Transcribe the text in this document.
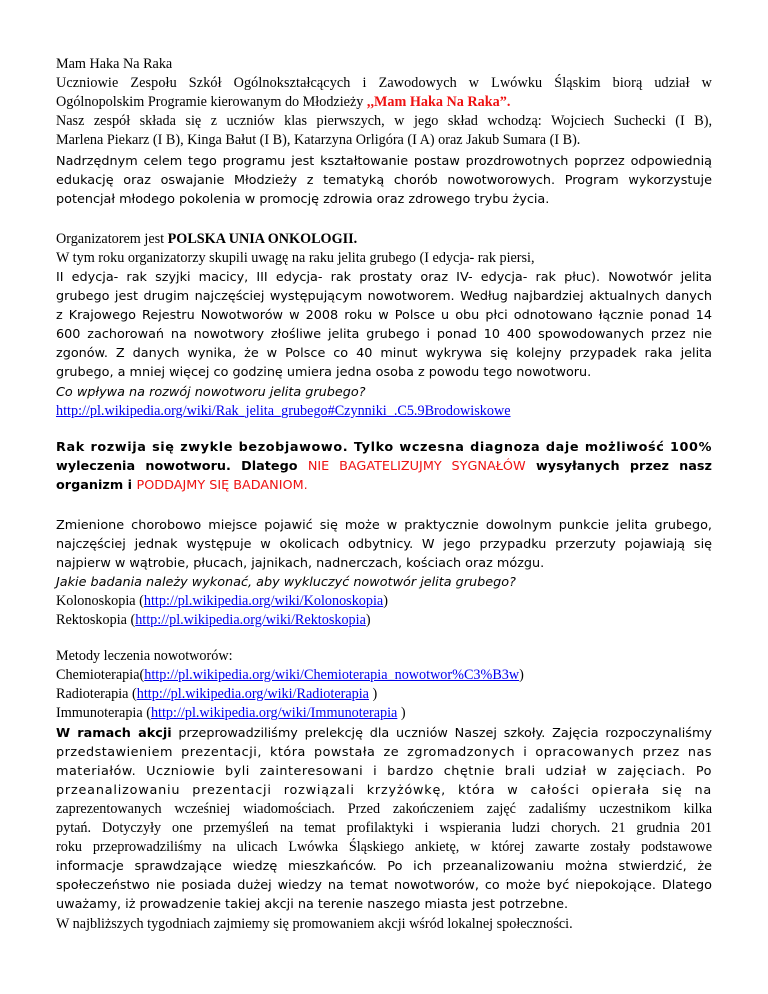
Mam Haka Na Raka
Uczniowie Zespołu Szkół Ogólnokształcących i Zawodowych w Lwówku Śląskim biorą udział w
Ogólnopolskim Programie kierowanym do Młodzieży ,,Mam Haka Na Raka”.
Nasz zespół składa się z uczniów klas pierwszych, w jego skład wchodzą: Wojciech Suchecki (I B),
Marlena Piekarz (I B), Kinga Bałut (I B), Katarzyna Orligóra (I A) oraz Jakub Sumara (I B).
Nadrzędnym celem tego programu jest kształtowanie postaw prozdrowotnych poprzez odpowiednią
edukację oraz oswajanie Młodzieży z tematyką chorób nowotworowych. Program wykorzystuje
potencjał młodego pokolenia w promocję zdrowia oraz zdrowego trybu życia.
Organizatorem jest POLSKA UNIA ONKOLOGII.
W tym roku organizatorzy skupili uwagę na raku jelita grubego (I edycja- rak piersi,
II edycja- rak szyjki macicy, III edycja- rak prostaty oraz IV- edycja- rak płuc). Nowotwór jelita
grubego jest drugim najczęściej występującym nowotworem. Według najbardziej aktualnych danych
z Krajowego Rejestru Nowotworów w 2008 roku w Polsce u obu płci odnotowano łącznie ponad 14
600 zachorowań na nowotwory złośliwe jelita grubego i ponad 10 400 spowodowanych przez nie
zgonów. Z danych wynika, że w Polsce co 40 minut wykrywa się kolejny przypadek raka jelita
grubego, a mniej więcej co godzinę umiera jedna osoba z powodu tego nowotworu.
Co wpływa na rozwój nowotworu jelita grubego?
http://pl.wikipedia.org/wiki/Rak_jelita_grubego#Czynniki_.C5.9Brodowiskowe
Rak rozwija się zwykle bezobjawowo. Tylko wczesna diagnoza daje możliwość 100%
wyleczenia nowotworu. Dlatego NIE BAGATELIZUJMY SYGNAŁÓW wysyłanych przez nasz
organizm i PODDAJMY SIĘ BADANIOM.
Zmienione chorobowo miejsce pojawić się może w praktycznie dowolnym punkcie jelita grubego,
najczęściej jednak występuje w okolicach odbytnicy. W jego przypadku przerzuty pojawiają się
najpierw w wątrobie, płucach, jajnikach, nadnerczach, kościach oraz mózgu.
Jakie badania należy wykonać, aby wykluczyć nowotwór jelita grubego?
Kolonoskopia (http://pl.wikipedia.org/wiki/Kolonoskopia)
Rektoskopia (http://pl.wikipedia.org/wiki/Rektoskopia)
Metody leczenia nowotworów:
Chemioterapia(http://pl.wikipedia.org/wiki/Chemioterapia_nowotwor%C3%B3w)
Radioterapia (http://pl.wikipedia.org/wiki/Radioterapia )
Immunoterapia (http://pl.wikipedia.org/wiki/Immunoterapia )
W ramach akcji przeprowadziliśmy prelekcję dla uczniów Naszej szkoły. Zajęcia rozpoczynaliśmy
przedstawieniem prezentacji, która powstała ze zgromadzonych i opracowanych przez nas
materiałów. Uczniowie byli zainteresowani i bardzo chętnie brali udział w zajęciach. Po
przeanalizowaniu prezentacji rozwiązali krzyżówkę, która w całości opierała się na
zaprezentowanych wcześniej wiadomościach. Przed zakończeniem zajęć zadaliśmy uczestnikom kilka
pytań. Dotyczyły one przemyśleń na temat profilaktyki i wspierania ludzi chorych. 21 grudnia 201
roku przeprowadziliśmy na ulicach Lwówka Śląskiego ankietę, w której zawarte zostały podstawowe
informacje sprawdzające wiedzę mieszkańców. Po ich przeanalizowaniu można stwierdzić, że
społeczeństwo nie posiada dużej wiedzy na temat nowotworów, co może być niepokojące. Dlatego
uważamy, iż prowadzenie takiej akcji na terenie naszego miasta jest potrzebne.
W najbliższych tygodniach zajmiemy się promowaniem akcji wśród lokalnej społeczności.
